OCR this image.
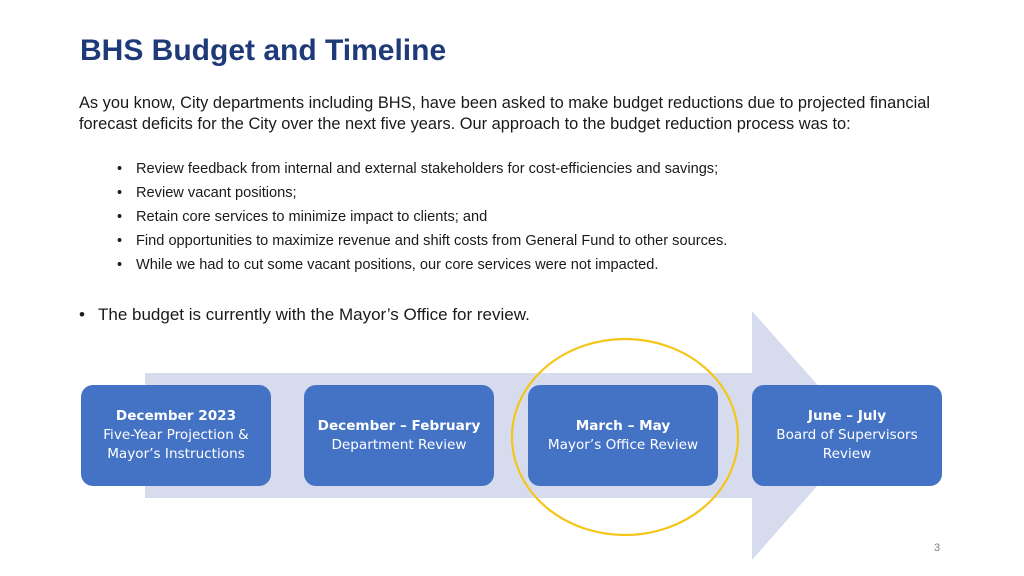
BHS Budget and Timeline

As you know, City departments including BHS, have been asked to make budget reductions due to projected financial forecast deficits for the City over the next five years. Our approach to the budget reduction process was to:

• Review feedback from internal and external stakeholders for cost-efficiencies and savings;
• Review vacant positions;
• Retain core services to minimize impact to clients; and
• Find opportunities to maximize revenue and shift costs from General Fund to other sources.
• While we had to cut some vacant positions, our core services were not impacted.
• The budget is currently with the Mayor’s Office for review.
December 2023
Five-Year Projection &
Mayor’s Instructions
December – February
Department Review
March – May
Mayor’s Office Review
June – July
Board of Supervisors
Review
3
